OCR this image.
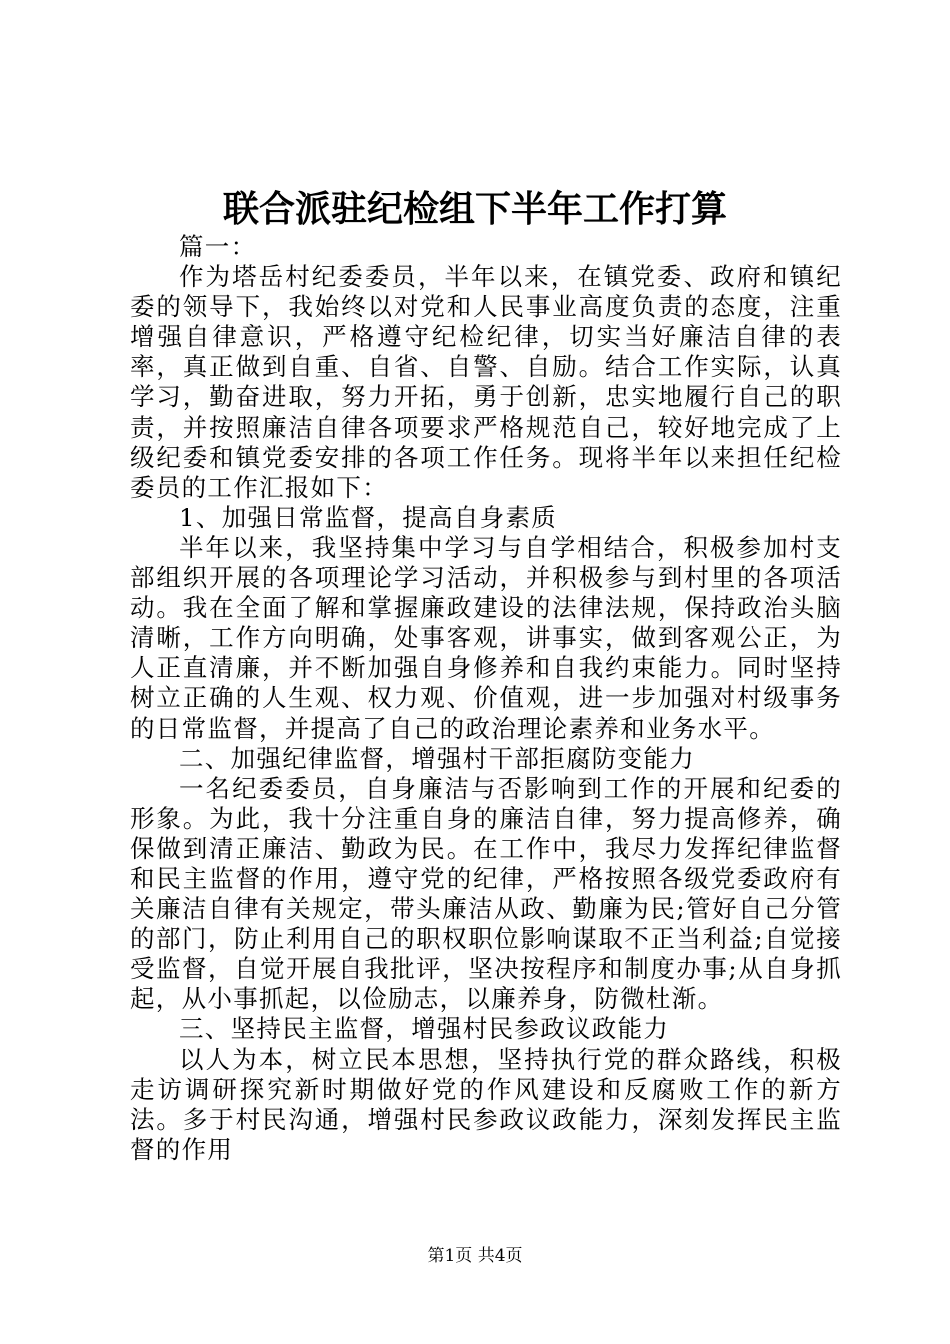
联合派驻纪检组下半年工作打算

篇一：

作为塔岳村纪委委员，半年以来，在镇党委、政府和镇纪委的领导下，我始终以对党和人民事业高度负责的态度，注重增强自律意识，严格遵守纪检纪律，切实当好廉洁自律的表率，真正做到自重、自省、自警、自励。结合工作实际，认真学习，勤奋进取，努力开拓，勇于创新，忠实地履行自己的职责，并按照廉洁自律各项要求严格规范自己，较好地完成了上级纪委和镇党委安排的各项工作任务。现将半年以来担任纪检委员的工作汇报如下：

1、加强日常监督，提高自身素质

半年以来，我坚持集中学习与自学相结合，积极参加村支部组织开展的各项理论学习活动，并积极参与到村里的各项活动。我在全面了解和掌握廉政建设的法律法规，保持政治头脑清晰，工作方向明确，处事客观，讲事实，做到客观公正，为人正直清廉，并不断加强自身修养和自我约束能力。同时坚持树立正确的人生观、权力观、价值观，进一步加强对村级事务的日常监督，并提高了自己的政治理论素养和业务水平。

二、加强纪律监督，增强村干部拒腐防变能力

一名纪委委员，自身廉洁与否影响到工作的开展和纪委的形象。为此，我十分注重自身的廉洁自律，努力提高修养，确保做到清正廉洁、勤政为民。在工作中，我尽力发挥纪律监督和民主监督的作用，遵守党的纪律，严格按照各级党委政府有关廉洁自律有关规定，带头廉洁从政、勤廉为民;管好自己分管的部门，防止利用自己的职权职位影响谋取不正当利益;自觉接受监督，自觉开展自我批评，坚决按程序和制度办事;从自身抓起，从小事抓起，以俭励志，以廉养身，防微杜渐。

三、坚持民主监督，增强村民参政议政能力

以人为本，树立民本思想，坚持执行党的群众路线，积极走访调研探究新时期做好党的作风建设和反腐败工作的新方法。多于村民沟通，增强村民参政议政能力，深刻发挥民主监督的作用

第1页 共4页
